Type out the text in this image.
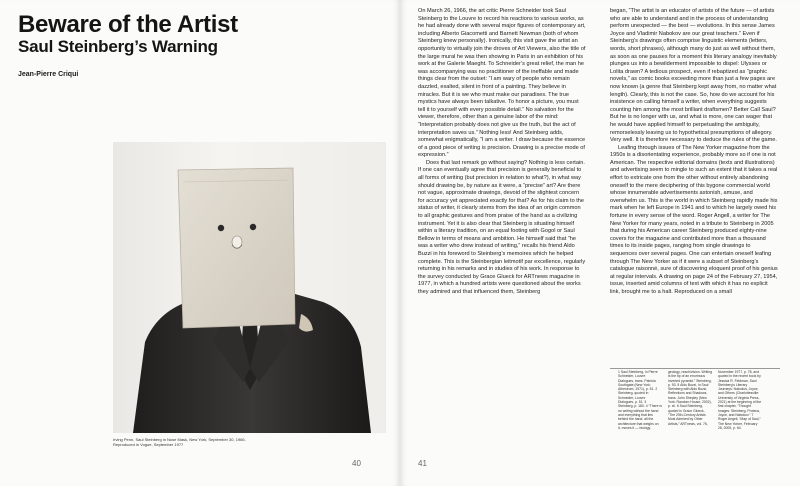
Beware of the Artist
Saul Steinberg’s Warning
Jean-Pierre Criqui
Irving Penn, Saul Steinberg in Nose Mask, New York, September 30, 1966. Reproduced in Vogue, September 1977
40

On March 26, 1966, the art critic Pierre Schneider took Saul Steinberg to the Louvre to record his reactions to various works, as he had already done with several major figures of contemporary art, including Alberto Giacometti and Barnett Newman (both of whom Steinberg knew personally). Ironically, this visit gave the artist an opportunity to virtually join the droves of Art Viewers, also the title of the large mural he was then showing in Paris in an exhibition of his work at the Galerie Maeght. To Schneider’s great relief, the man he was accompanying was no practitioner of the ineffable and made things clear from the outset: “I am wary of people who remain dazzled, exalted, silent in front of a painting. They believe in miracles. But it is we who must make our paradises. The true mystics have always been talkative. To honor a picture, you must tell it to yourself with every possible detail.” No salvation for the viewer, therefore, other than a genuine labor of the mind: “Interpretation probably does not give us the truth, but the act of interpretation saves us.” Nothing less! And Steinberg adds, somewhat enigmatically, “I am a writer. I draw because the essence of a good piece of writing is precision. Drawing is a precise mode of expression.”

Does that last remark go without saying? Nothing is less certain. If one can eventually agree that precision is generally beneficial to all forms of writing (but precision in relation to what?), in what way should drawing be, by nature as it were, a “precise” art? Are there not vague, approximate drawings, devoid of the slightest concern for accuracy yet appreciated exactly for that? As for his claim to the status of writer, it clearly stems from the idea of an origin common to all graphic gestures and from praise of the hand as a civilizing instrument. Yet it is also clear that Steinberg is situating himself within a literary tradition, on an equal footing with Gogol or Saul Bellow in terms of means and ambition. He himself said that “he was a writer who drew instead of writing,” recalls his friend Aldo Buzzi in his foreword to Steinberg’s memoires which he helped complete. This is the Steinbergian leitmotif par excellence, regularly returning in his remarks and in studies of his work. In response to the survey conducted by Grace Glueck for ARTnews magazine in 1977, in which a hundred artists were questioned about the works they admired and that influenced them, Steinberg

began, “The artist is an educator of artists of the future — of artists who are able to understand and in the process of understanding perform unexpected — the best — evolutions. In this sense James Joyce and Vladimir Nabokov are our great teachers.” Even if Steinberg’s drawings often comprise linguistic elements (letters, words, short phrases), although many do just as well without them, as soon as one pauses for a moment this literary analogy inevitably plunges us into a bewilderment impossible to dispel: Ulysses or Lolita drawn? A tedious prospect, even if rebaptized as “graphic novels,” as comic books exceeding more than just a few pages are now known (a genre that Steinberg kept away from, no matter what length). Clearly, this is not the case. So, how do we account for his insistence on calling himself a writer, when everything suggests counting him among the most brilliant draftsmen? Better Call Saul? But he is no longer with us, and what is more, one can wager that he would have applied himself to perpetuating the ambiguity, remorselessly leaving us to hypothetical presumptions of allegory. Very well. It is therefore necessary to deduce the rules of the game.

Leafing through issues of The New Yorker magazine from the 1950s is a disorientating experience, probably more so if one is not American. The respective editorial domains (texts and illustrations) and advertising seem to mingle to such an extent that it takes a real effort to extricate one from the other without entirely abandoning oneself to the mere deciphering of this bygone commercial world whose innumerable advertisements astonish, amuse, and overwhelm us. This is the world in which Steinberg rapidly made his mark when he left Europe in 1941 and to which he largely owed his fortune in every sense of the word. Roger Angell, a writer for The New Yorker for many years, noted in a tribute to Steinberg in 2005 that during his American career Steinberg produced eighty-nine covers for the magazine and contributed more than a thousand times to its inside pages, ranging from single drawings to sequences over several pages. One can entertain oneself leafing through The New Yorker as if it were a subset of Steinberg’s catalogue raisonné, sure of discovering eloquent proof of his genius at regular intervals. A drawing on page 24 of the February 27, 1954, issue, inserted amid columns of text with which it has no explicit link, brought me to a halt. Reproduced on a small

1 Saul Steinberg, in Pierre Schneider, Louvre Dialogues, trans. Patricia Southgate (New York: Atheneum, 1971), p. 51. 2 Steinberg, quoted in Schneider, Louvre Dialogues, p. 51. 3 Steinberg, p. 180. 4 “There is no writing without the hand and everything that lies behind the hand: all the architecture that weighs on it, moves it — biology,
geology, reach/vision. Writing is the tip of an enormous inverted pyramid.” Steinberg, p. 93. 5 Aldo Buzzi, in Saul Steinberg with Aldo Buzzi, Reflections and Shadows, trans. John Shepley (New York: Random House, 2002), p. xii. 6 Saul Steinberg, quoted in Grace Glueck, “The 20th-Century Artists Most Admired by Other Artists,” ARTnews, vol. 76,
November 1977, p. 78, and quoted in the recent book by Jessica R. Feldman, Saul Steinberg’s Literary Journeys: Nabokov, Joyce, and Others (Charlottesville: University of Virginia Press, 2021) at the beginning of the first chapter, “Thought Images: Steinberg, Proteus, Joyce, and Nabokov.” 7 Roger Angell, “Map of Saul,” The New Yorker, February 28, 2005, p. 64.
41
